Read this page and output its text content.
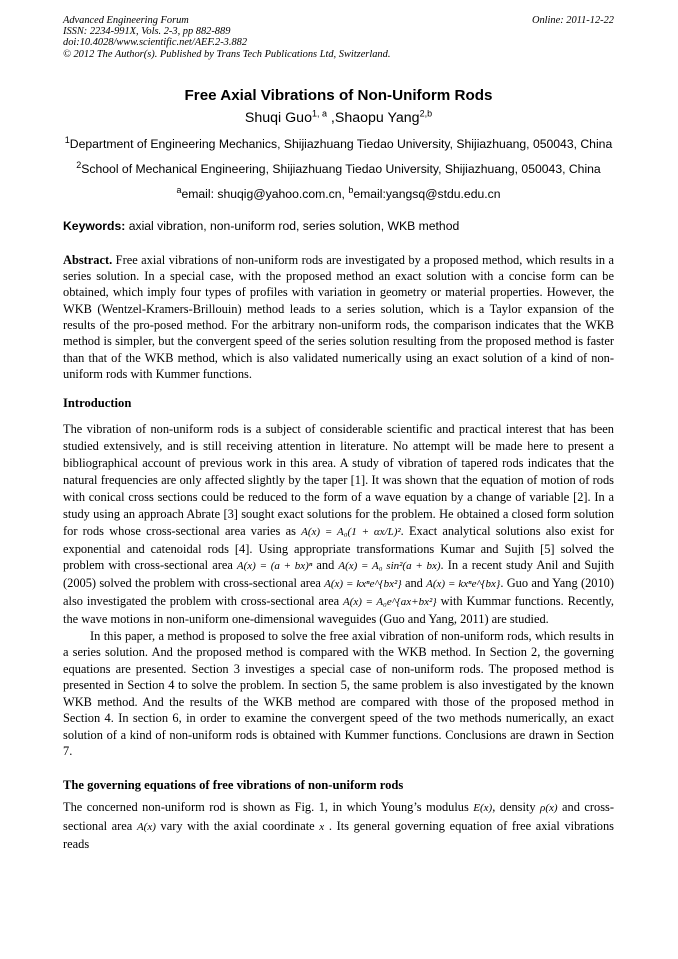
Advanced Engineering Forum	Online: 2011-12-22
ISSN: 2234-991X, Vols. 2-3, pp 882-889
doi:10.4028/www.scientific.net/AEF.2-3.882
© 2012 The Author(s). Published by Trans Tech Publications Ltd, Switzerland.
Free Axial Vibrations of Non-Uniform Rods
Shuqi Guo$^{1, a}$ ,Shaopu Yang$^{2,b}$
$^1$Department of Engineering Mechanics, Shijiazhuang Tiedao University, Shijiazhuang, 050043, China
$^2$School of Mechanical Engineering, Shijiazhuang Tiedao University, Shijiazhuang, 050043, China
$^a$email: shuqig@yahoo.com.cn, $^b$email:yangsq@stdu.edu.cn
Keywords: axial vibration, non-uniform rod, series solution, WKB method
Abstract. Free axial vibrations of non-uniform rods are investigated by a proposed method, which results in a series solution. In a special case, with the proposed method an exact solution with a concise form can be obtained, which imply four types of profiles with variation in geometry or material properties. However, the WKB (Wentzel-Kramers-Brillouin) method leads to a series solution, which is a Taylor expansion of the results of the pro-posed method. For the arbitrary non-uniform rods, the comparison indicates that the WKB method is simpler, but the convergent speed of the series solution resulting from the proposed method is faster than that of the WKB method, which is also validated numerically using an exact solution of a kind of non-uniform rods with Kummer functions.
Introduction
The vibration of non-uniform rods is a subject of considerable scientific and practical interest that has been studied extensively, and is still receiving attention in literature. No attempt will be made here to present a bibliographical account of previous work in this area. A study of vibration of tapered rods indicates that the natural frequencies are only affected slightly by the taper [1]. It was shown that the equation of motion of rods with conical cross sections could be reduced to the form of a wave equation by a change of variable [2]. In a study using an approach Abrate [3] sought exact solutions for the problem. He obtained a closed form solution for rods whose cross-sectional area varies as A(x) = A₀(1 + αx/L)². Exact analytical solutions also exist for exponential and catenoidal rods [4]. Using appropriate transformations Kumar and Sujith [5] solved the problem with cross-sectional area A(x) = (a + bx)ⁿ and A(x) = A₀ sin²(a + bx). In a recent study Anil and Sujith (2005) solved the problem with cross-sectional area A(x) = kxⁿe^{bx²} and A(x) = kxⁿe^{bx}. Guo and Yang (2010) also investigated the problem with cross-sectional area A(x) = A₀e^{ax+bx²} with Kummar functions. Recently, the wave motions in non-uniform one-dimensional waveguides (Guo and Yang, 2011) are studied.
In this paper, a method is proposed to solve the free axial vibration of non-uniform rods, which results in a series solution. And the proposed method is compared with the WKB method. In Section 2, the governing equations are presented. Section 3 investiges a special case of non-uniform rods. The proposed method is presented in Section 4 to solve the problem. In section 5, the same problem is also investigated by the known WKB method. And the results of the WKB method are compared with those of the proposed method in Section 4. In section 6, in order to examine the convergent speed of the two methods numerically, an exact solution of a kind of non-uniform rods is obtained with Kummer functions. Conclusions are drawn in Section 7.
The governing equations of free vibrations of non-uniform rods
The concerned non-uniform rod is shown as Fig. 1, in which Young’s modulus E(x), density ρ(x) and cross-sectional area A(x) vary with the axial coordinate x . Its general governing equation of free axial vibrations reads
